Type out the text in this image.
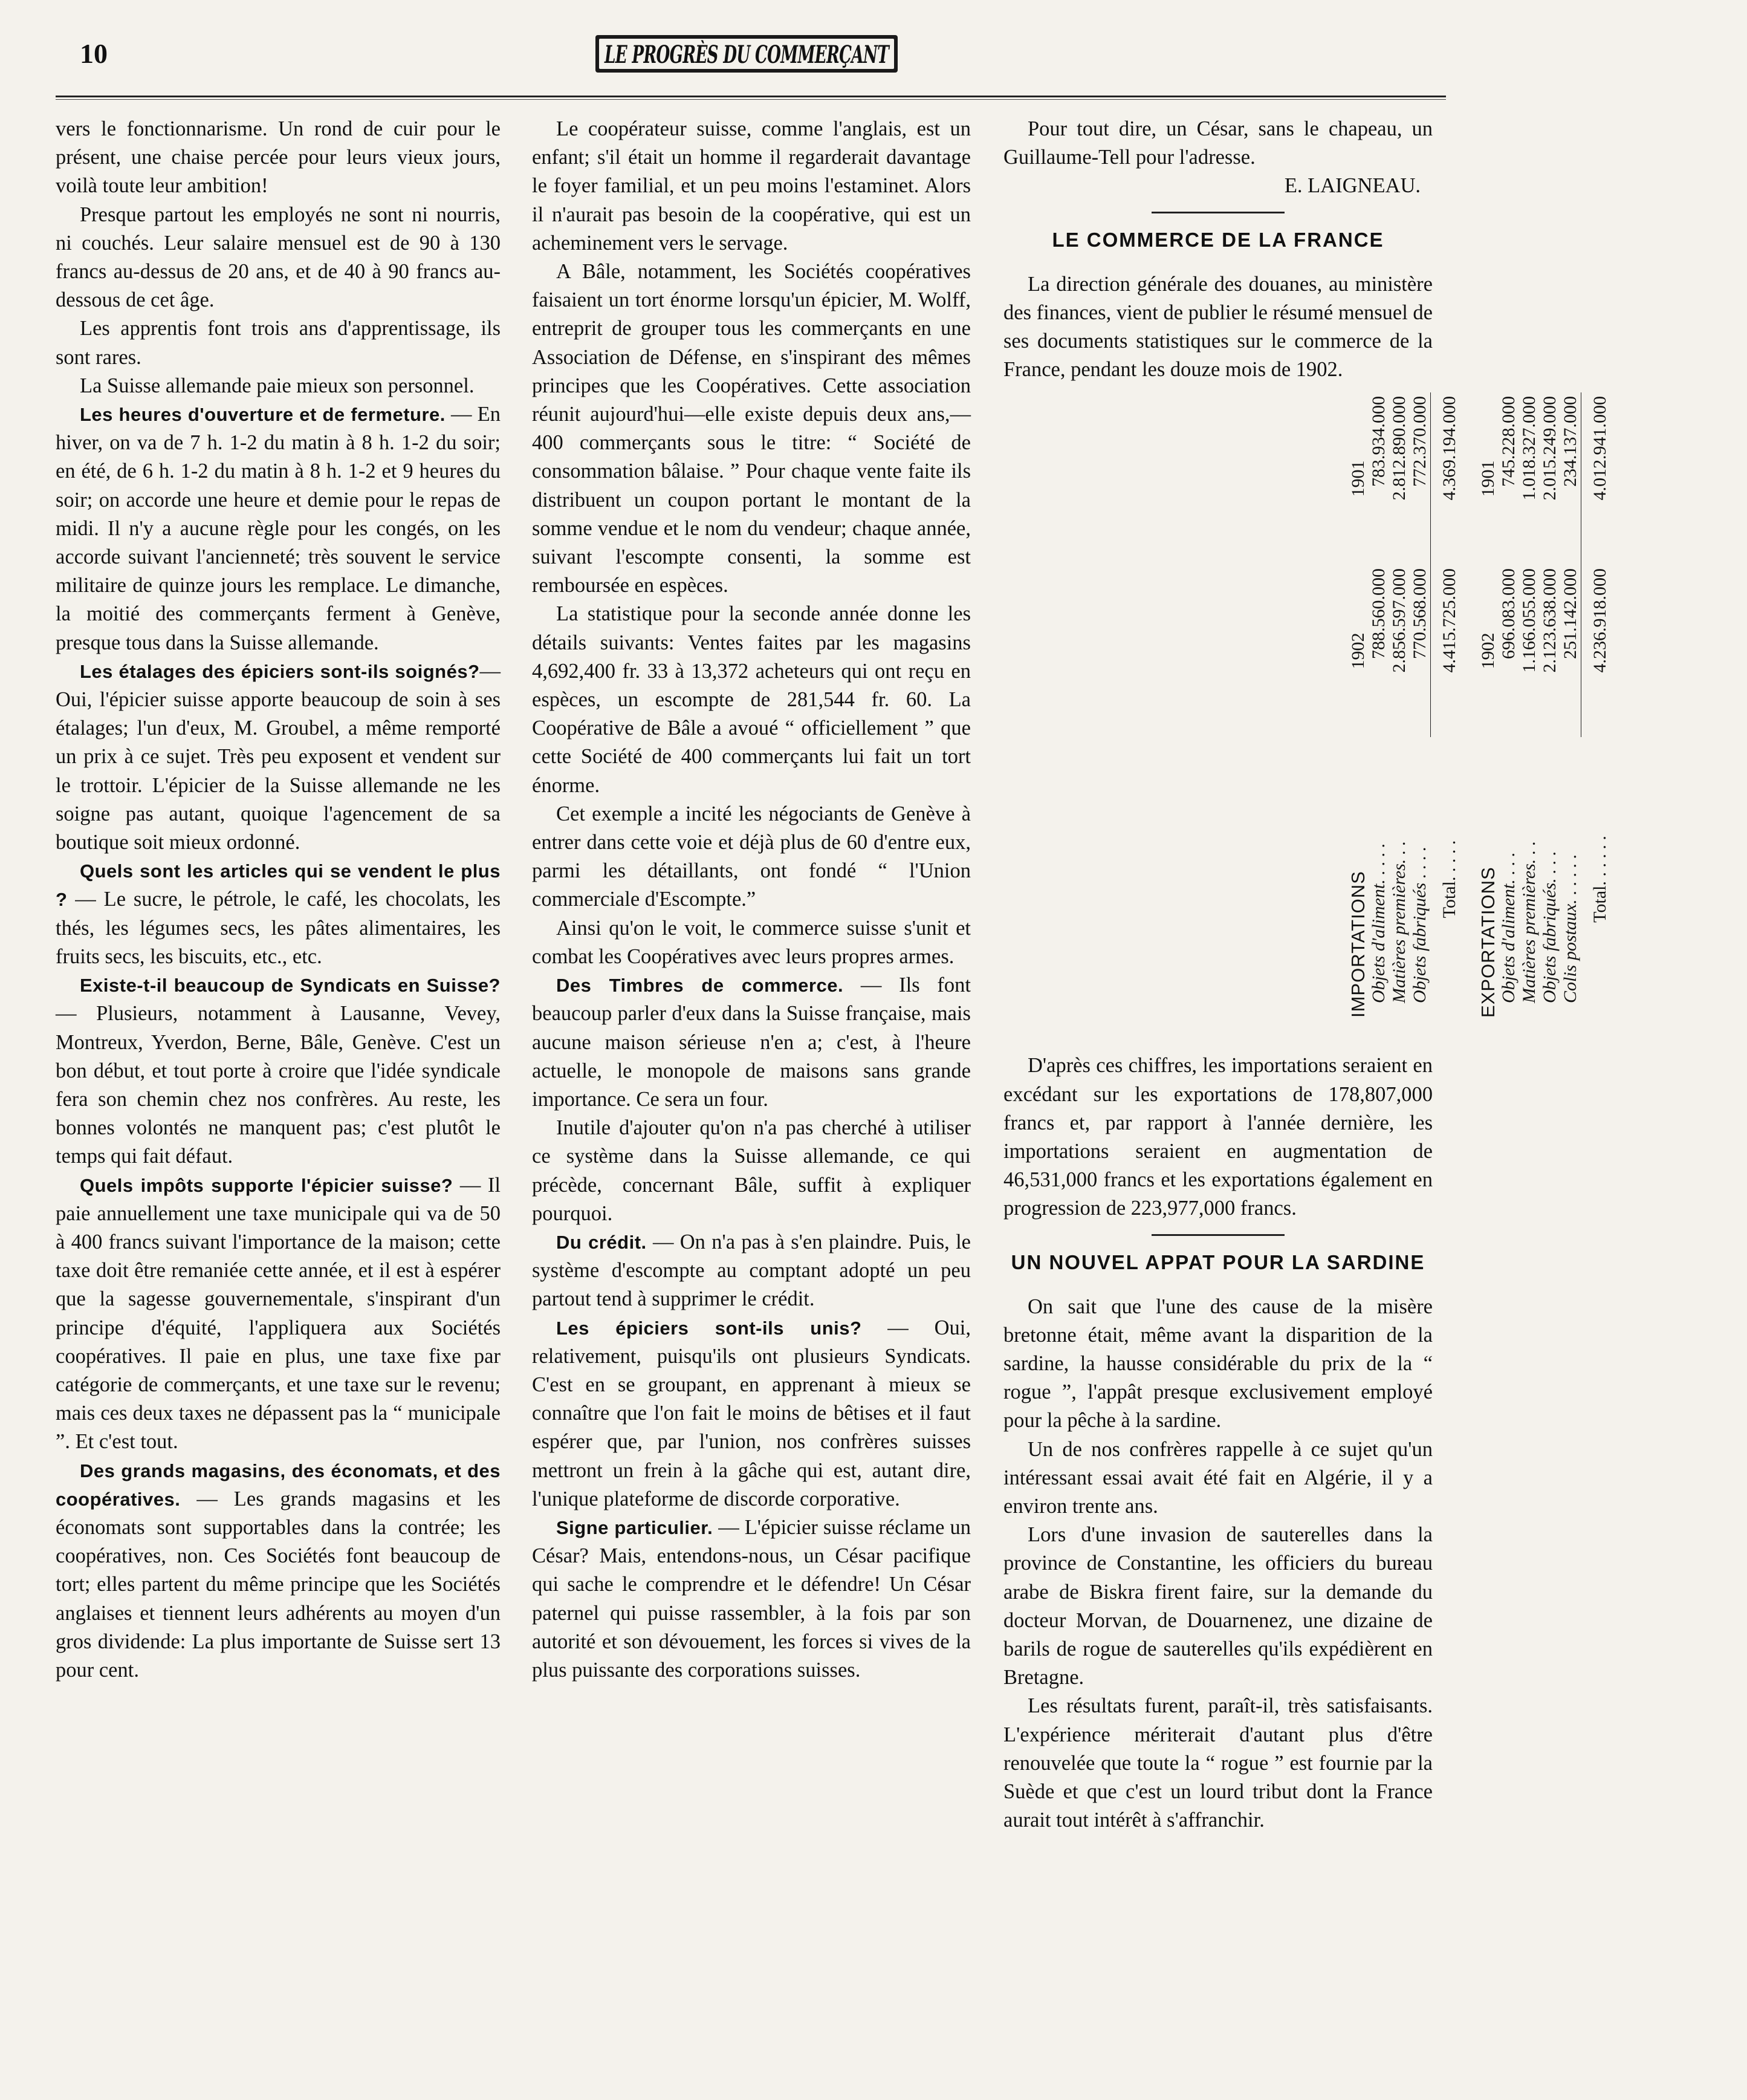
10	LE PROGRÈS DU COMMERÇANT

vers le fonctionnarisme. Un rond de cuir pour le présent, une chaise percée pour leurs vieux jours, voilà toute leur ambition!

Presque partout les employés ne sont ni nourris, ni couchés. Leur salaire mensuel est de 90 à 130 francs au-dessus de 20 ans, et de 40 à 90 francs au-dessous de cet âge.

Les apprentis font trois ans d'apprentissage, ils sont rares.

La Suisse allemande paie mieux son personnel.

Les heures d'ouverture et de fermeture. — En hiver, on va de 7 h. 1-2 du matin à 8 h. 1-2 du soir; en été, de 6 h. 1-2 du matin à 8 h. 1-2 et 9 heures du soir; on accorde une heure et demie pour le repas de midi. Il n'y a aucune règle pour les congés, on les accorde suivant l'ancienneté; très souvent le service militaire de quinze jours les remplace. Le dimanche, la moitié des commerçants ferment à Genève, presque tous dans la Suisse allemande.

Les étalages des épiciers sont-ils soignés?—Oui, l'épicier suisse apporte beaucoup de soin à ses étalages; l'un d'eux, M. Groubel, a même remporté un prix à ce sujet. Très peu exposent et vendent sur le trottoir. L'épicier de la Suisse allemande ne les soigne pas autant, quoique l'agencement de sa boutique soit mieux ordonné.

Quels sont les articles qui se vendent le plus ? — Le sucre, le pétrole, le café, les chocolats, les thés, les légumes secs, les pâtes alimentaires, les fruits secs, les biscuits, etc., etc.

Existe-t-il beaucoup de Syndicats en Suisse? — Plusieurs, notamment à Lausanne, Vevey, Montreux, Yverdon, Berne, Bâle, Genève. C'est un bon début, et tout porte à croire que l'idée syndicale fera son chemin chez nos confrères. Au reste, les bonnes volontés ne manquent pas; c'est plutôt le temps qui fait défaut.

Quels impôts supporte l'épicier suisse? — Il paie annuellement une taxe municipale qui va de 50 à 400 francs suivant l'importance de la maison; cette taxe doit être remaniée cette année, et il est à espérer que la sagesse gouvernementale, s'inspirant d'un principe d'équité, l'appliquera aux Sociétés coopératives. Il paie en plus, une taxe fixe par catégorie de commerçants, et une taxe sur le revenu; mais ces deux taxes ne dépassent pas la “ municipale ”. Et c'est tout.

Des grands magasins, des économats, et des coopératives. — Les grands magasins et les économats sont supportables dans la contrée; les coopératives, non. Ces Sociétés font beaucoup de tort; elles partent du même principe que les Sociétés anglaises et tiennent leurs adhérents au moyen d'un gros dividende: La plus importante de Suisse sert 13 pour cent.

Le coopérateur suisse, comme l'anglais, est un enfant; s'il était un homme il regarderait davantage le foyer familial, et un peu moins l'estaminet. Alors il n'aurait pas besoin de la coopérative, qui est un acheminement vers le servage.

A Bâle, notamment, les Sociétés coopératives faisaient un tort énorme lorsqu'un épicier, M. Wolff, entreprit de grouper tous les commerçants en une Association de Défense, en s'inspirant des mêmes principes que les Coopératives. Cette association réunit aujourd'hui—elle existe depuis deux ans,—400 commerçants sous le titre: “ Société de consommation bâlaise. ” Pour chaque vente faite ils distribuent un coupon portant le montant de la somme vendue et le nom du vendeur; chaque année, suivant l'escompte consenti, la somme est remboursée en espèces.

La statistique pour la seconde année donne les détails suivants: Ventes faites par les magasins 4,692,400 fr. 33 à 13,372 acheteurs qui ont reçu en espèces, un escompte de 281,544 fr. 60. La Coopérative de Bâle a avoué “ officiellement ” que cette Société de 400 commerçants lui fait un tort énorme.

Cet exemple a incité les négociants de Genève à entrer dans cette voie et déjà plus de 60 d'entre eux, parmi les détaillants, ont fondé “ l'Union commerciale d'Escompte.”

Ainsi qu'on le voit, le commerce suisse s'unit et combat les Coopératives avec leurs propres armes.

Des Timbres de commerce. — Ils font beaucoup parler d'eux dans la Suisse française, mais aucune maison sérieuse n'en a; c'est, à l'heure actuelle, le monopole de maisons sans grande importance. Ce sera un four.

Inutile d'ajouter qu'on n'a pas cherché à utiliser ce système dans la Suisse allemande, ce qui précède, concernant Bâle, suffit à expliquer pourquoi.

Du crédit. — On n'a pas à s'en plaindre. Puis, le système d'escompte au comptant adopté un peu partout tend à supprimer le crédit.

Les épiciers sont-ils unis? — Oui, relativement, puisqu'ils ont plusieurs Syndicats. C'est en se groupant, en apprenant à mieux se connaître que l'on fait le moins de bêtises et il faut espérer que, par l'union, nos confrères suisses mettront un frein à la gâche qui est, autant dire, l'unique plateforme de discorde corporative.

Signe particulier. — L'épicier suisse réclame un César? Mais, entendons-nous, un César pacifique qui sache le comprendre et le défendre! Un César paternel qui puisse rassembler, à la fois par son autorité et son dévouement, les forces si vives de la plus puissante des corporations suisses.

Pour tout dire, un César, sans le chapeau, un Guillaume-Tell pour l'adresse.

E. LAIGNEAU.

LE COMMERCE DE LA FRANCE

La direction générale des douanes, au ministère des finances, vient de publier le résumé mensuel de ses documents statistiques sur le commerce de la France, pendant les douze mois de 1902.

IMPORTATIONS	1902	1901
Objets d'aliment. . . . .	788.560.000	783.934.000
Matières premières. . .	2.856.597.000	2.812.890.000
Objets fabriqués . . . .	770.568.000	772.370.000
Total. . . . .	4.415.725.000	4.369.194.000

EXPORTATIONS	1902	1901
Objets d'aliment. . . .	696.083.000	745.228.000
Matières premières. . .	1.166.055.000	1.018.327.000
Objets fabriqués. . . .	2.123.638.000	2.015.249.000
Colis postaux. . . . . .	251.142.000	234.137.000
Total. . . . . .	4.236.918.000	4.012.941.000

D'après ces chiffres, les importations seraient en excédant sur les exportations de 178,807,000 francs et, par rapport à l'année dernière, les importations seraient en augmentation de 46,531,000 francs et les exportations également en progression de 223,977,000 francs.

UN NOUVEL APPAT POUR LA SARDINE

On sait que l'une des cause de la misère bretonne était, même avant la disparition de la sardine, la hausse considérable du prix de la “ rogue ”, l'appât presque exclusivement employé pour la pêche à la sardine.

Un de nos confrères rappelle à ce sujet qu'un intéressant essai avait été fait en Algérie, il y a environ trente ans.

Lors d'une invasion de sauterelles dans la province de Constantine, les officiers du bureau arabe de Biskra firent faire, sur la demande du docteur Morvan, de Douarnenez, une dizaine de barils de rogue de sauterelles qu'ils expédièrent en Bretagne.

Les résultats furent, paraît-il, très satisfaisants. L'expérience mériterait d'autant plus d'être renouvelée que toute la “ rogue ” est fournie par la Suède et que c'est un lourd tribut dont la France aurait tout intérêt à s'affranchir.
